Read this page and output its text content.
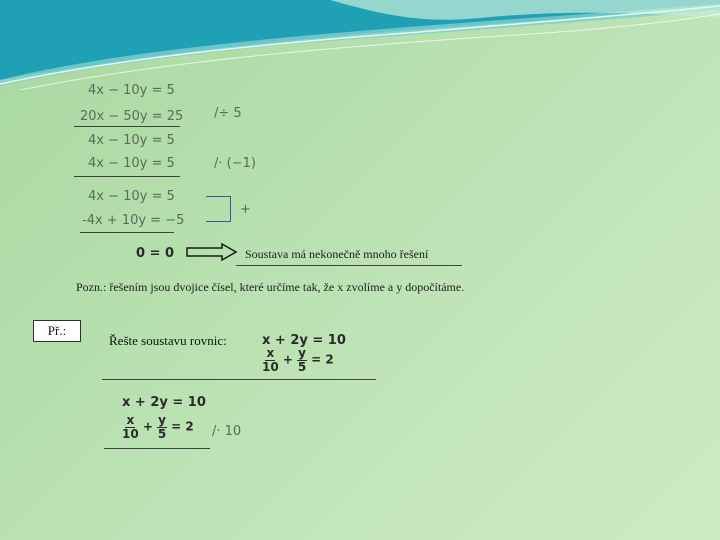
4x − 10y = 5
20x − 50y = 25 /÷ 5
4x − 10y = 5
4x − 10y = 5	/· (−1)
4x − 10y = 5
-4x + 10y = −5
+
0 = 0	Soustava má nekonečně mnoho řešení
Pozn.: řešením jsou dvojice čísel, které určíme tak, že x zvolíme a y dopočítáme.
Př.:
Řešte soustavu rovnic:	x + 2y = 10
$\frac{x}{10} + \frac{y}{5} = 2$
x + 2y = 10
$\frac{x}{10} + \frac{y}{5} = 2 /\cdot 10$
